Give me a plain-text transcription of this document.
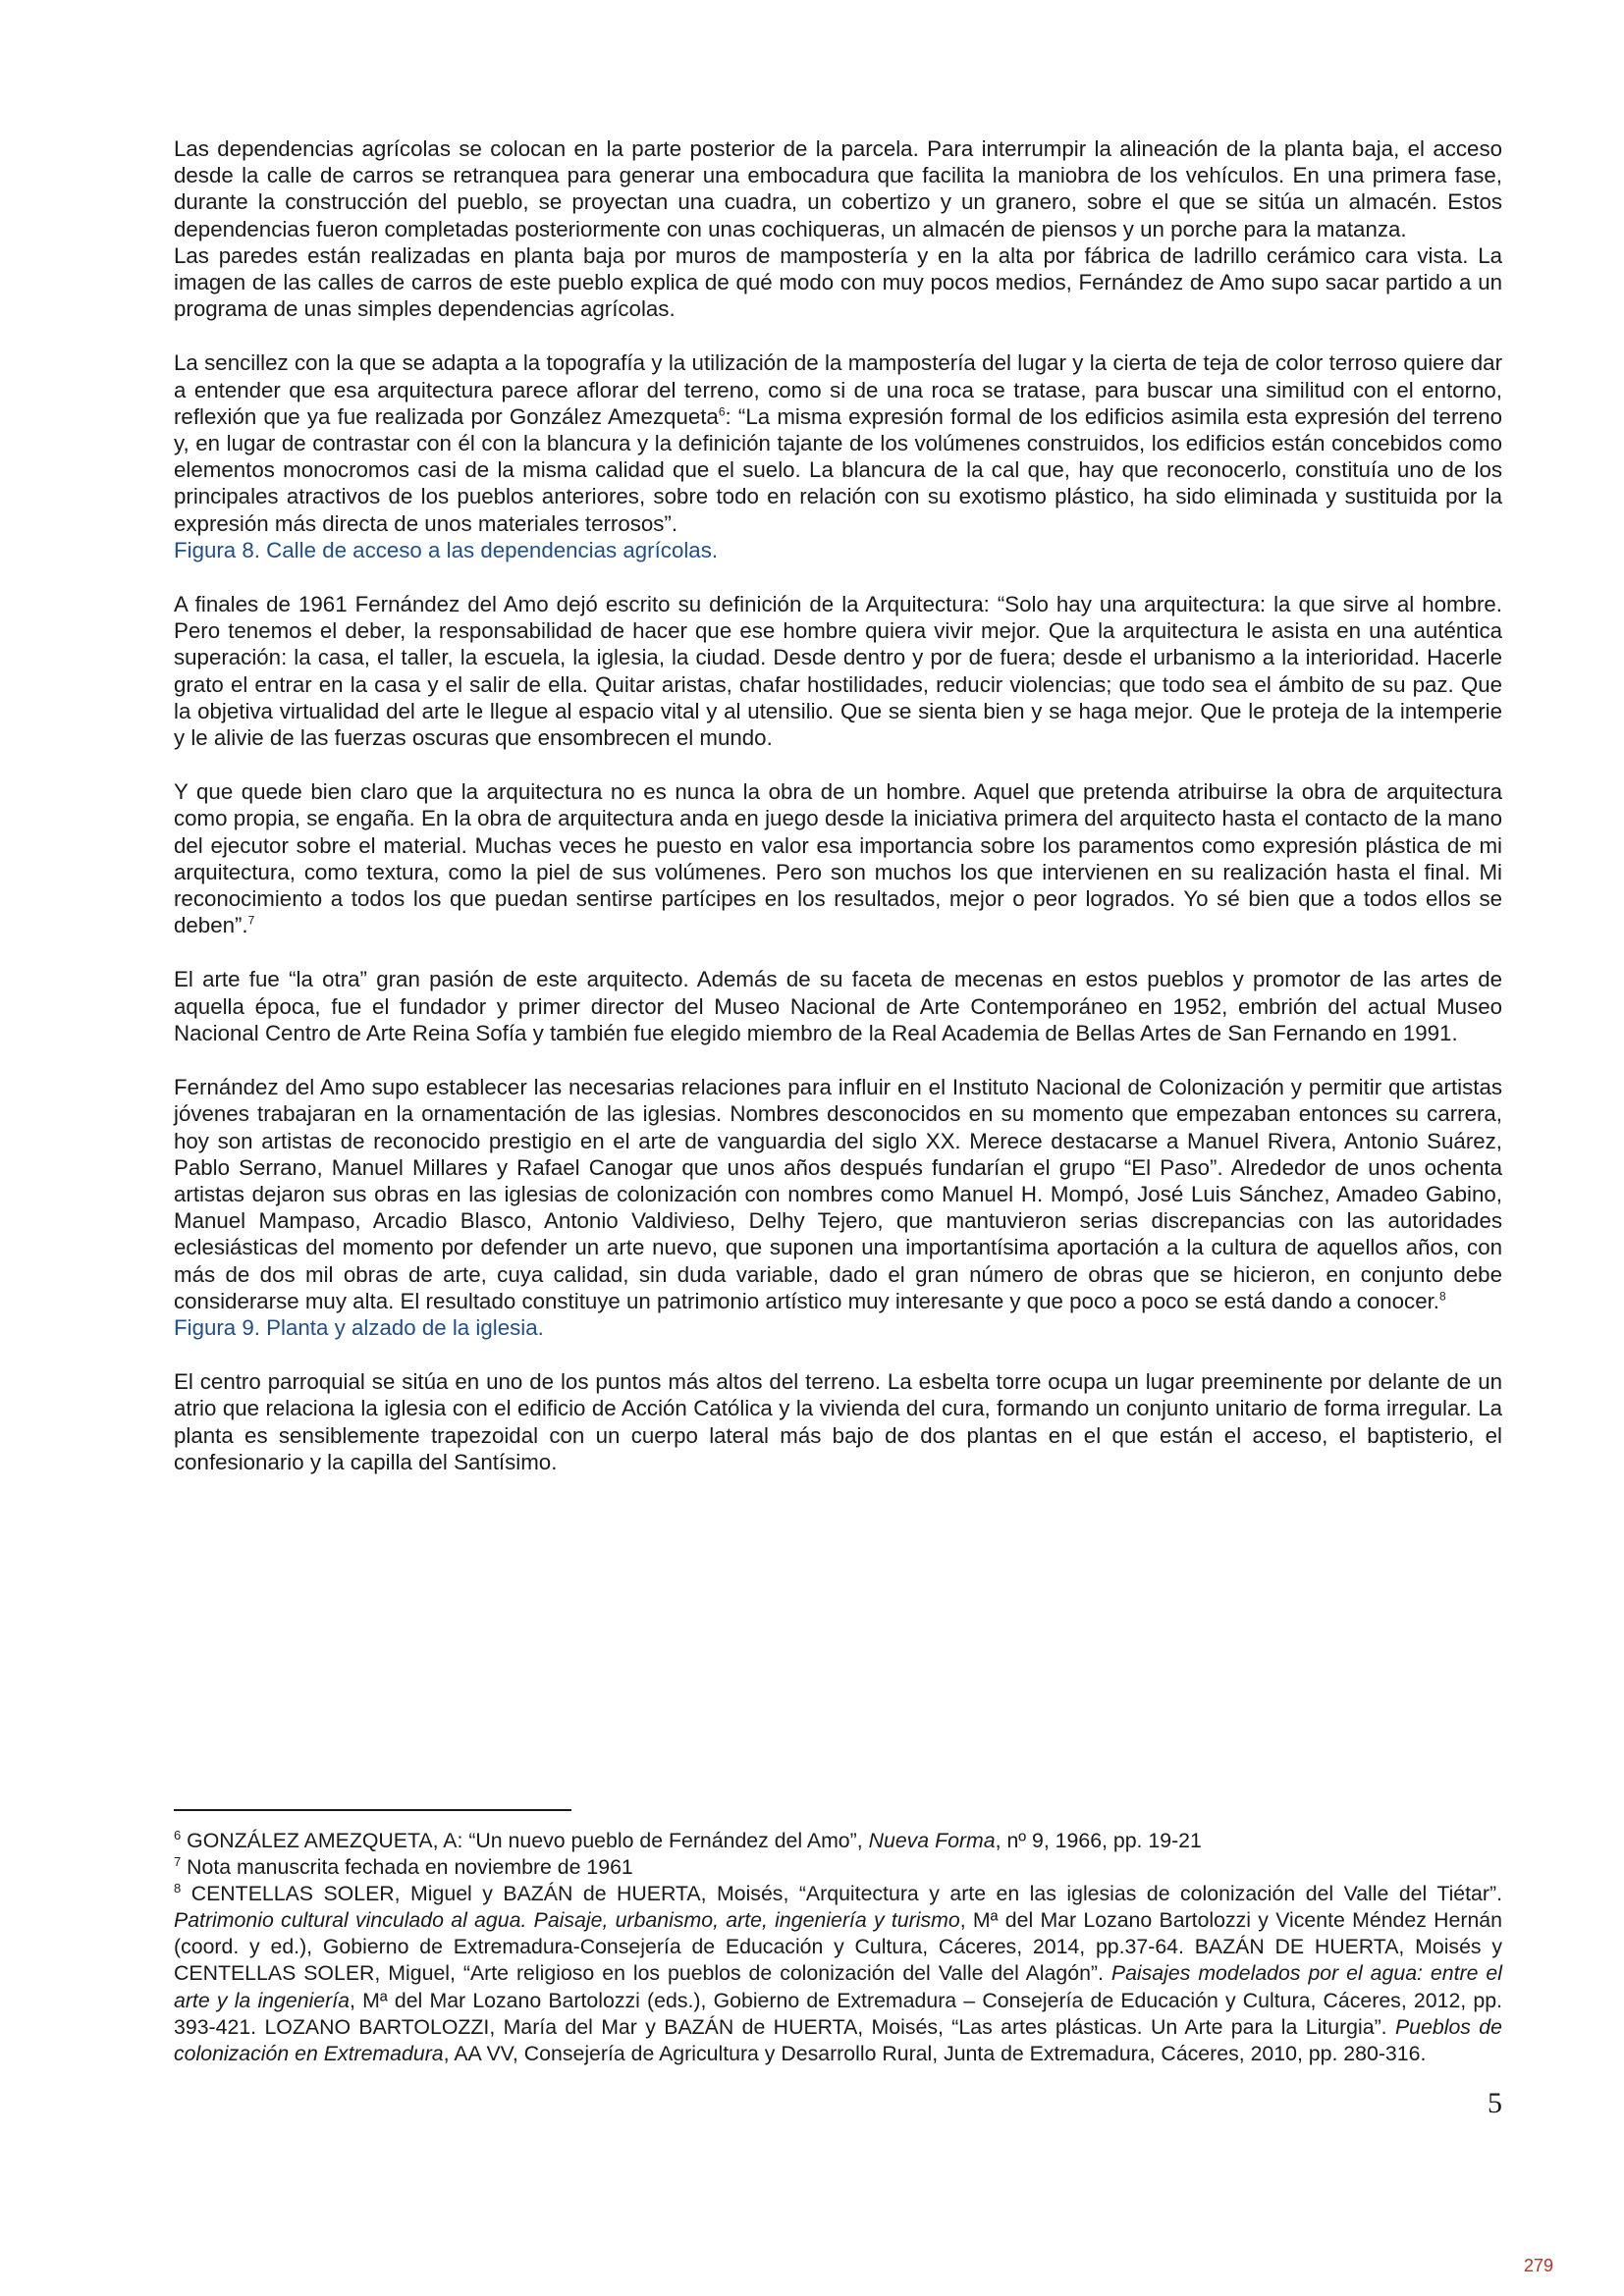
Las dependencias agrícolas se colocan en la parte posterior de la parcela. Para interrumpir la alineación de la planta baja, el acceso desde la calle de carros se retranquea para generar una embocadura que facilita la maniobra de los vehículos. En una primera fase, durante la construcción del pueblo, se proyectan una cuadra, un cobertizo y un granero, sobre el que se sitúa un almacén. Estos dependencias fueron completadas posteriormente con unas cochiqueras, un almacén de piensos y un porche para la matanza.

Las paredes están realizadas en planta baja por muros de mampostería y en la alta por fábrica de ladrillo cerámico cara vista. La imagen de las calles de carros de este pueblo explica de qué modo con muy pocos medios, Fernández de Amo supo sacar partido a un programa de unas simples dependencias agrícolas.

La sencillez con la que se adapta a la topografía y la utilización de la mampostería del lugar y la cierta de teja de color terroso quiere dar a entender que esa arquitectura parece aflorar del terreno, como si de una roca se tratase, para buscar una similitud con el entorno, reflexión que ya fue realizada por González Amezqueta$^6$: “La misma expresión formal de los edificios asimila esta expresión del terreno y, en lugar de contrastar con él con la blancura y la definición tajante de los volúmenes construidos, los edificios están concebidos como elementos monocromos casi de la misma calidad que el suelo. La blancura de la cal que, hay que reconocerlo, constituía uno de los principales atractivos de los pueblos anteriores, sobre todo en relación con su exotismo plástico, ha sido eliminada y sustituida por la expresión más directa de unos materiales terrosos”.

Figura 8. Calle de acceso a las dependencias agrícolas.

A finales de 1961 Fernández del Amo dejó escrito su definición de la Arquitectura: “Solo hay una arquitectura: la que sirve al hombre. Pero tenemos el deber, la responsabilidad de hacer que ese hombre quiera vivir mejor. Que la arquitectura le asista en una auténtica superación: la casa, el taller, la escuela, la iglesia, la ciudad. Desde dentro y por de fuera; desde el urbanismo a la interioridad. Hacerle grato el entrar en la casa y el salir de ella. Quitar aristas, chafar hostilidades, reducir violencias; que todo sea el ámbito de su paz. Que la objetiva virtualidad del arte le llegue al espacio vital y al utensilio. Que se sienta bien y se haga mejor. Que le proteja de la intemperie y le alivie de las fuerzas oscuras que ensombrecen el mundo.

Y que quede bien claro que la arquitectura no es nunca la obra de un hombre. Aquel que pretenda atribuirse la obra de arquitectura como propia, se engaña. En la obra de arquitectura anda en juego desde la iniciativa primera del arquitecto hasta el contacto de la mano del ejecutor sobre el material. Muchas veces he puesto en valor esa importancia sobre los paramentos como expresión plástica de mi arquitectura, como textura, como la piel de sus volúmenes. Pero son muchos los que intervienen en su realización hasta el final. Mi reconocimiento a todos los que puedan sentirse partícipes en los resultados, mejor o peor logrados. Yo sé bien que a todos ellos se deben”.$^7$

El arte fue “la otra” gran pasión de este arquitecto. Además de su faceta de mecenas en estos pueblos y promotor de las artes de aquella época, fue el fundador y primer director del Museo Nacional de Arte Contemporáneo en 1952, embrión del actual Museo Nacional Centro de Arte Reina Sofía y también fue elegido miembro de la Real Academia de Bellas Artes de San Fernando en 1991.

Fernández del Amo supo establecer las necesarias relaciones para influir en el Instituto Nacional de Colonización y permitir que artistas jóvenes trabajaran en la ornamentación de las iglesias. Nombres desconocidos en su momento que empezaban entonces su carrera, hoy son artistas de reconocido prestigio en el arte de vanguardia del siglo XX. Merece destacarse a Manuel Rivera, Antonio Suárez, Pablo Serrano, Manuel Millares y Rafael Canogar que unos años después fundarían el grupo “El Paso”. Alrededor de unos ochenta artistas dejaron sus obras en las iglesias de colonización con nombres como Manuel H. Mompó, José Luis Sánchez, Amadeo Gabino, Manuel Mampaso, Arcadio Blasco, Antonio Valdivieso, Delhy Tejero, que mantuvieron serias discrepancias con las autoridades eclesiásticas del momento por defender un arte nuevo, que suponen una importantísima aportación a la cultura de aquellos años, con más de dos mil obras de arte, cuya calidad, sin duda variable, dado el gran número de obras que se hicieron, en conjunto debe considerarse muy alta. El resultado constituye un patrimonio artístico muy interesante y que poco a poco se está dando a conocer.$^8$

Figura 9. Planta y alzado de la iglesia.

El centro parroquial se sitúa en uno de los puntos más altos del terreno. La esbelta torre ocupa un lugar preeminente por delante de un atrio que relaciona la iglesia con el edificio de Acción Católica y la vivienda del cura, formando un conjunto unitario de forma irregular. La planta es sensiblemente trapezoidal con un cuerpo lateral más bajo de dos plantas en el que están el acceso, el baptisterio, el confesionario y la capilla del Santísimo.

$^6$ GONZÁLEZ AMEZQUETA, A: “Un nuevo pueblo de Fernández del Amo”, Nueva Forma, nº 9, 1966, pp. 19-21

$^7$ Nota manuscrita fechada en noviembre de 1961

$^8$ CENTELLAS SOLER, Miguel y BAZÁN de HUERTA, Moisés, “Arquitectura y arte en las iglesias de colonización del Valle del Tiétar”. Patrimonio cultural vinculado al agua. Paisaje, urbanismo, arte, ingeniería y turismo, Mª del Mar Lozano Bartolozzi y Vicente Méndez Hernán (coord. y ed.), Gobierno de Extremadura-Consejería de Educación y Cultura, Cáceres, 2014, pp.37-64. BAZÁN DE HUERTA, Moisés y CENTELLAS SOLER, Miguel, “Arte religioso en los pueblos de colonización del Valle del Alagón”. Paisajes modelados por el agua: entre el arte y la ingeniería, Mª del Mar Lozano Bartolozzi (eds.), Gobierno de Extremadura – Consejería de Educación y Cultura, Cáceres, 2012, pp. 393-421. LOZANO BARTOLOZZI, María del Mar y BAZÁN de HUERTA, Moisés, “Las artes plásticas. Un Arte para la Liturgia”. Pueblos de colonización en Extremadura, AA VV, Consejería de Agricultura y Desarrollo Rural, Junta de Extremadura, Cáceres, 2010, pp. 280-316.

5
279
